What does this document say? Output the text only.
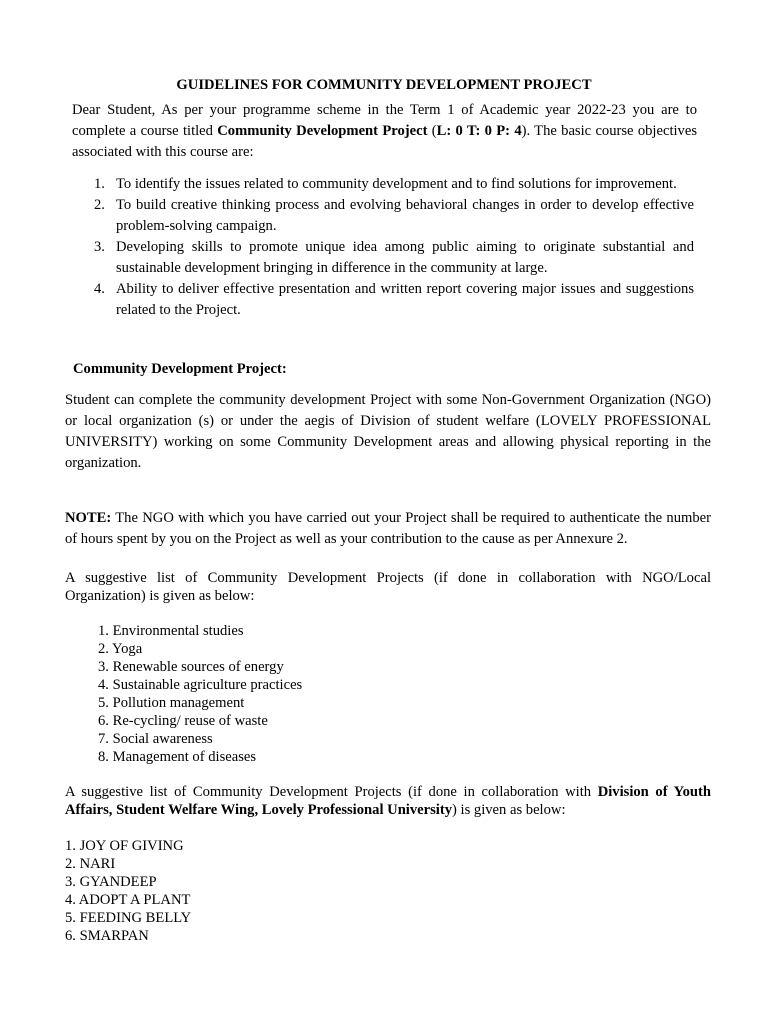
GUIDELINES FOR COMMUNITY DEVELOPMENT PROJECT

Dear Student, As per your programme scheme in the Term 1 of Academic year 2022-23 you are to complete a course titled Community Development Project (L: 0 T: 0 P: 4). The basic course objectives associated with this course are:

1. To identify the issues related to community development and to find solutions for improvement.
2. To build creative thinking process and evolving behavioral changes in order to develop effective problem-solving campaign.
3. Developing skills to promote unique idea among public aiming to originate substantial and sustainable development bringing in difference in the community at large.
4. Ability to deliver effective presentation and written report covering major issues and suggestions related to the Project.
Community Development Project:

Student can complete the community development Project with some Non-Government Organization (NGO) or local organization (s) or under the aegis of Division of student welfare (LOVELY PROFESSIONAL UNIVERSITY) working on some Community Development areas and allowing physical reporting in the organization.

NOTE: The NGO with which you have carried out your Project shall be required to authenticate the number of hours spent by you on the Project as well as your contribution to the cause as per Annexure 2.

A suggestive list of Community Development Projects (if done in collaboration with NGO/Local Organization) is given as below:

1. Environmental studies
2. Yoga
3. Renewable sources of energy
4. Sustainable agriculture practices
5. Pollution management
6. Re-cycling/ reuse of waste
7. Social awareness
8. Management of diseases

A suggestive list of Community Development Projects (if done in collaboration with Division of Youth Affairs, Student Welfare Wing, Lovely Professional University) is given as below:

1. JOY OF GIVING
2. NARI
3. GYANDEEP
4. ADOPT A PLANT
5. FEEDING BELLY
6. SMARPAN
